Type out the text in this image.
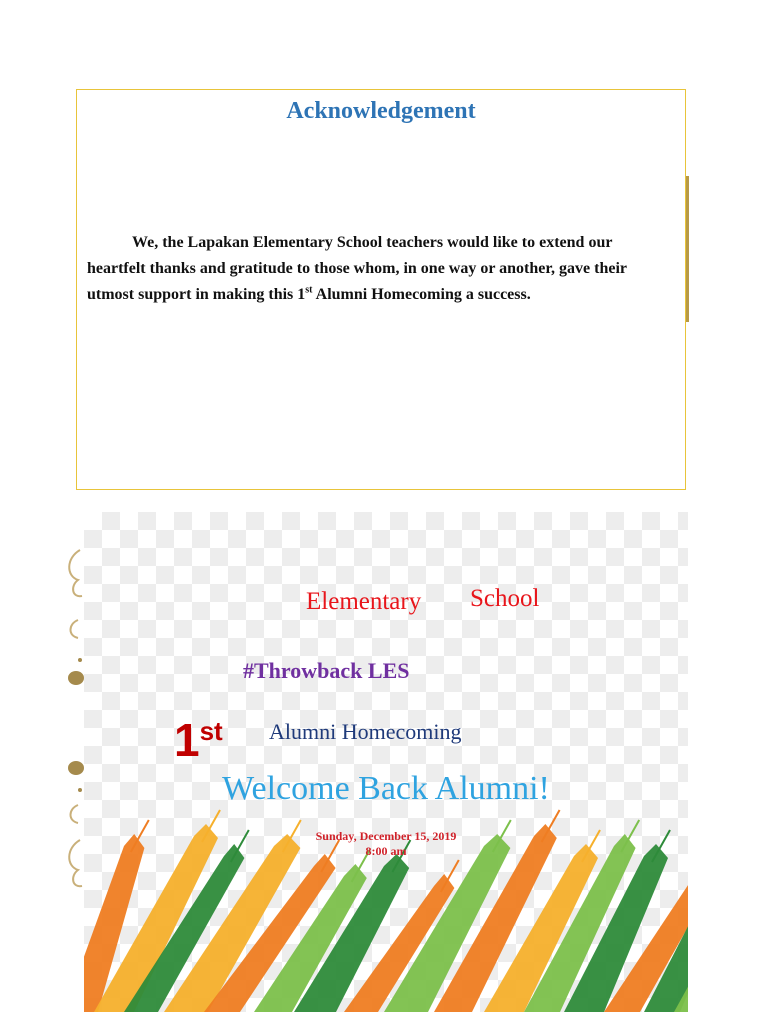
Acknowledgement

We, the Lapakan Elementary School teachers would like to extend our heartfelt thanks and gratitude to those whom, in one way or another, gave their utmost support in making this 1st Alumni Homecoming a success.

Elementary School
#Throwback LES
1st Alumni Homecoming
Welcome Back Alumni!
Sunday, December 15, 2019
8:00 am
